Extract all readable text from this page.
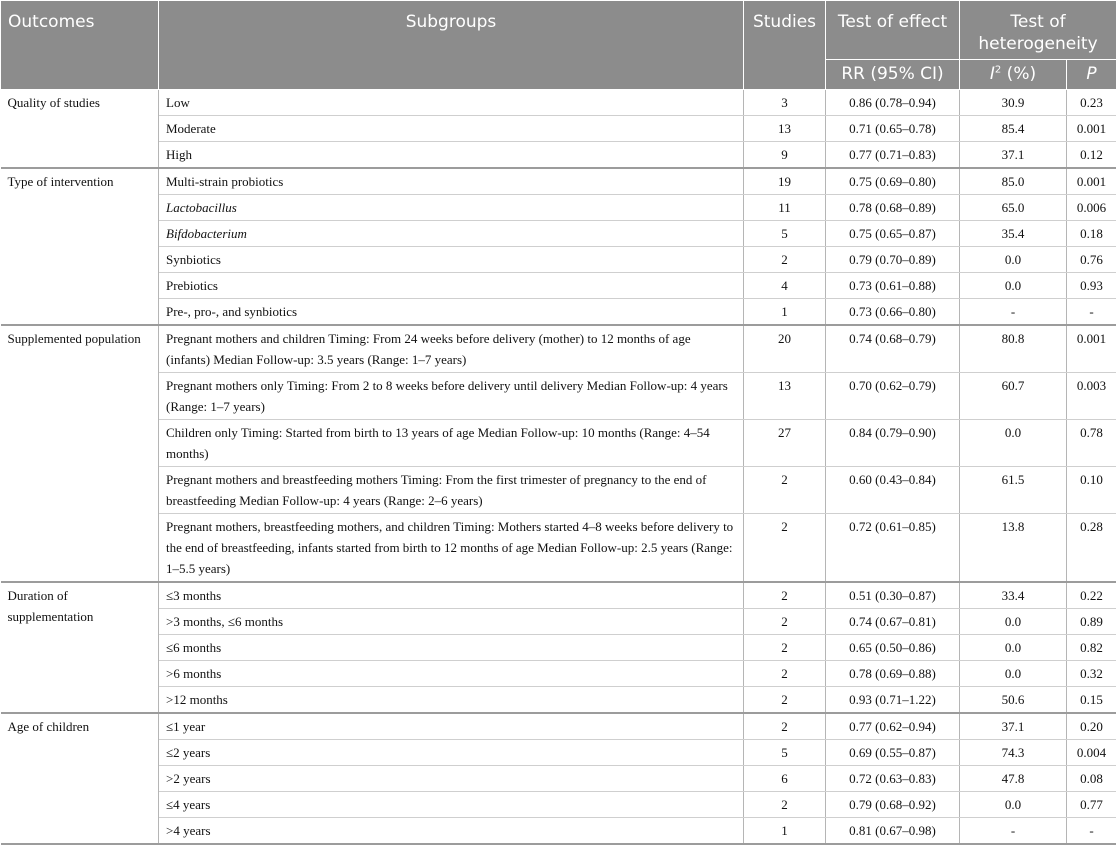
Outcomes	Subgroups	Studies	Test of effect	Test of heterogeneity	
			RR (95% CI)	$I^2$ (%)	P
Quality of studies	Low	3	0.86 (0.78–0.94)	30.9	0.23
	Moderate	13	0.71 (0.65–0.78)	85.4	0.001
	High	9	0.77 (0.71–0.83)	37.1	0.12
Type of intervention	Multi-strain probiotics	19	0.75 (0.69–0.80)	85.0	0.001
	Lactobacillus	11	0.78 (0.68–0.89)	65.0	0.006
	Bifdobacterium	5	0.75 (0.65–0.87)	35.4	0.18
	Synbiotics	2	0.79 (0.70–0.89)	0.0	0.76
	Prebiotics	4	0.73 (0.61–0.88)	0.0	0.93
	Pre-, pro-, and synbiotics	1	0.73 (0.66–0.80)	-	-
Supplemented population	Pregnant mothers and children Timing: From 24 weeks before delivery (mother) to 12 months of age (infants) Median Follow-up: 3.5 years (Range: 1–7 years)	20	0.74 (0.68–0.79)	80.8	0.001
	Pregnant mothers only Timing: From 2 to 8 weeks before delivery until delivery Median Follow-up: 4 years (Range: 1–7 years)	13	0.70 (0.62–0.79)	60.7	0.003
	Children only Timing: Started from birth to 13 years of age Median Follow-up: 10 months (Range: 4–54 months)	27	0.84 (0.79–0.90)	0.0	0.78
	Pregnant mothers and breastfeeding mothers Timing: From the first trimester of pregnancy to the end of breastfeeding Median Follow-up: 4 years (Range: 2–6 years)	2	0.60 (0.43–0.84)	61.5	0.10
	Pregnant mothers, breastfeeding mothers, and children Timing: Mothers started 4–8 weeks before delivery to the end of breastfeeding, infants started from birth to 12 months of age Median Follow-up: 2.5 years (Range: 1–5.5 years)	2	0.72 (0.61–0.85)	13.8	0.28
Duration of supplementation	≤3 months	2	0.51 (0.30–0.87)	33.4	0.22
	>3 months, ≤6 months	2	0.74 (0.67–0.81)	0.0	0.89
	≤6 months	2	0.65 (0.50–0.86)	0.0	0.82
	>6 months	2	0.78 (0.69–0.88)	0.0	0.32
	>12 months	2	0.93 (0.71–1.22)	50.6	0.15
Age of children	≤1 year	2	0.77 (0.62–0.94)	37.1	0.20
	≤2 years	5	0.69 (0.55–0.87)	74.3	0.004
	>2 years	6	0.72 (0.63–0.83)	47.8	0.08
	≤4 years	2	0.79 (0.68–0.92)	0.0	0.77
	>4 years	1	0.81 (0.67–0.98)	-	-
